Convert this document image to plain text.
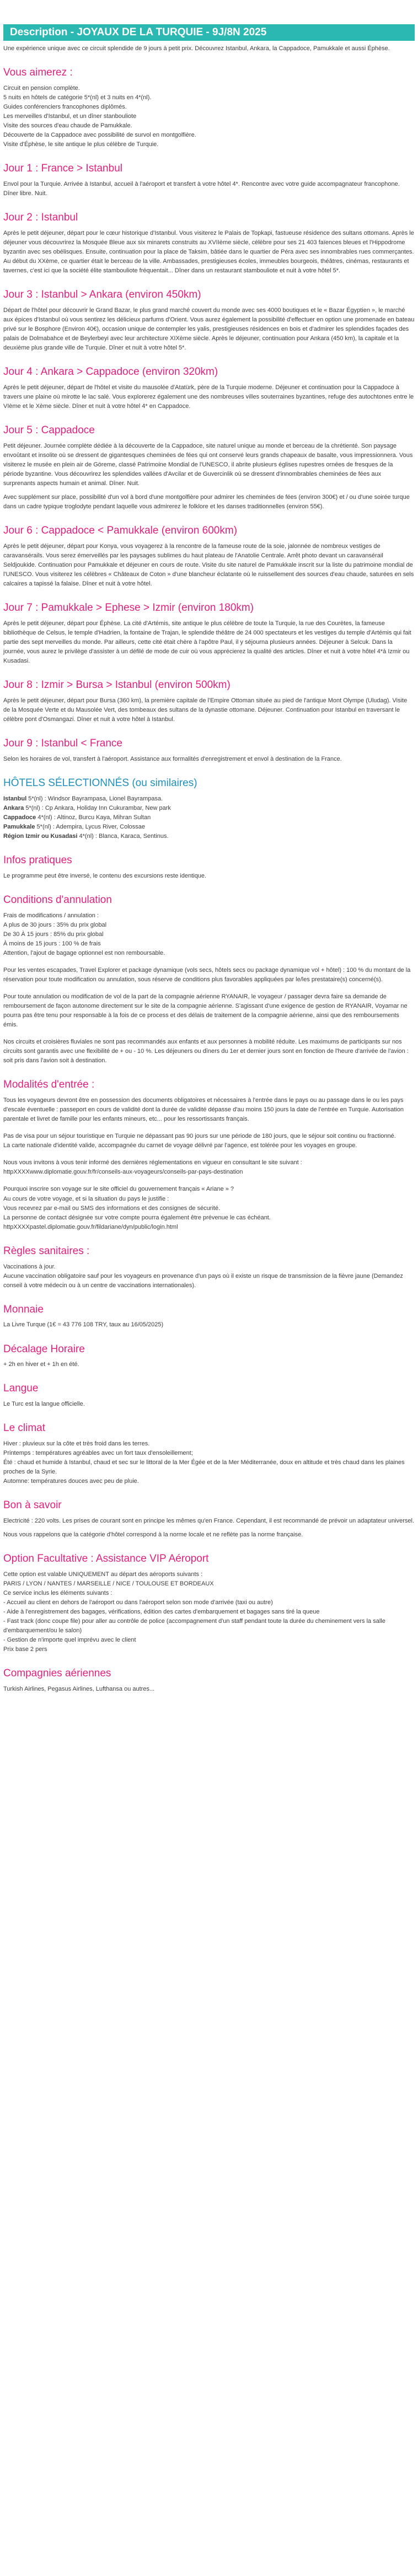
Description - JOYAUX DE LA TURQUIE - 9J/8N 2025

Une expérience unique avec ce circuit splendide de 9 jours à petit prix. Découvrez Istanbul, Ankara, la Cappadoce, Pamukkale et aussi Éphèse.

Vous aimerez :
Circuit en pension complète.
5 nuits en hôtels de catégorie 5*(nl) et 3 nuits en 4*(nl).
Guides conférenciers francophones diplômés.
Les merveilles d'Istanbul, et un dîner stanbouliote
Visite des sources d'eau chaude de Pamukkale.
Découverte de la Cappadoce avec possibilité de survol en montgolfière.
Visite d'Éphèse, le site antique le plus célèbre de Turquie.
Jour 1 : France > Istanbul

Envol pour la Turquie. Arrivée à Istanbul, accueil à l'aéroport et transfert à votre hôtel 4*. Rencontre avec votre guide accompagnateur francophone. Dîner libre. Nuit.

Jour 2 : Istanbul

Après le petit déjeuner, départ pour le cœur historique d'Istanbul. Vous visiterez le Palais de Topkapi, fastueuse résidence des sultans ottomans. Après le déjeuner vous découvrirez la Mosquée Bleue aux six minarets construits au XVIIème siècle, célèbre pour ses 21 403 faïences bleues et l'Hippodrome byzantin avec ses obélisques. Ensuite, continuation pour la place de Taksim, bâtiée dans le quartier de Péra avec ses innombrables rues commerçantes. Au début du XXème, ce quartier était le berceau de la ville. Ambassades, prestigieuses écoles, immeubles bourgeois, théâtres, cinémas, restaurants et tavernes, c'est ici que la société élite stambouliote fréquentait... Dîner dans un restaurant stambouliote et nuit à votre hôtel 5*.

Jour 3 : Istanbul > Ankara (environ 450km)

Départ de l'hôtel pour découvrir le Grand Bazar, le plus grand marché couvert du monde avec ses 4000 boutiques et le « Bazar Égyptien », le marché aux épices d'Istanbul où vous sentirez les délicieux parfums d'Orient. Vous aurez également la possibilité d'effectuer en option une promenade en bateau privé sur le Bosphore (Environ 40€), occasion unique de contempler les yalis, prestigieuses résidences en bois et d'admirer les splendides façades des palais de Dolmabahce et de Beylerbeyi avec leur architecture XIXème siècle. Après le déjeuner, continuation pour Ankara (450 km), la capitale et la deuxième plus grande ville de Turquie. Dîner et nuit à votre hôtel 5*.

Jour 4 : Ankara > Cappadoce (environ 320km)

Après le petit déjeuner, départ de l'hôtel et visite du mausolée d'Atatürk, père de la Turquie moderne. Déjeuner et continuation pour la Cappadoce à travers une plaine où mirotte le lac salé. Vous explorerez également une des nombreuses villes souterraines byzantines, refuge des autochtones entre le VIème et le Xème siècle. Dîner et nuit à votre hôtel 4* en Cappadoce.

Jour 5 : Cappadoce

Petit déjeuner. Journée complète dédiée à la découverte de la Cappadoce, site naturel unique au monde et berceau de la chrétienté. Son paysage envoûtant et insolite où se dressent de gigantesques cheminées de fées qui ont conservé leurs grands chapeaux de basalte, vous impressionnera. Vous visiterez le musée en plein air de Göreme, classé Patrimoine Mondial de l'UNESCO, il abrite plusieurs églises rupestres ornées de fresques de la période byzantine. Vous découvrirez les splendides vallées d'Avcilar et de Guvercinlik où se dressent d'innombrables cheminées de fées aux surprenants aspects humain et animal. Dîner. Nuit.

Avec supplément sur place, possibilité d'un vol à bord d'une montgolfière pour admirer les cheminées de fées (environ 300€) et / ou d'une soirée turque dans un cadre typique troglodyte pendant laquelle vous admirerez le folklore et les danses traditionnelles (environ 55€).

Jour 6 : Cappadoce < Pamukkale (environ 600km)

Après le petit déjeuner, départ pour Konya, vous voyagerez à la rencontre de la fameuse route de la soie, jalonnée de nombreux vestiges de caravansérails. Vous serez émerveillés par les paysages sublimes du haut plateau de l'Anatolie Centrale. Arrêt photo devant un caravansérail Seldjoukide. Continuation pour Pamukkale et déjeuner en cours de route. Visite du site naturel de Pamukkale inscrit sur la liste du patrimoine mondial de l'UNESCO. Vous visiterez les célèbres « Châteaux de Coton » d'une blancheur éclatante où le ruissellement des sources d'eau chaude, saturées en sels calcaires a tapissé la falaise. Dîner et nuit à votre hôtel.

Jour 7 : Pamukkale > Ephese > Izmir (environ 180km)

Après le petit déjeuner, départ pour Éphèse. La cité d'Artémis, site antique le plus célèbre de toute la Turquie, la rue des Courètes, la fameuse bibliothèque de Celsus, le temple d'Hadrien, la fontaine de Trajan, le splendide théâtre de 24 000 spectateurs et les vestiges du temple d'Artémis qui fait partie des sept merveilles du monde. Par ailleurs, cette cité était chère à l'apôtre Paul, il y séjourna plusieurs années. Déjeuner à Selcuk. Dans la journée, vous aurez le privilège d'assister à un défilé de mode de cuir où vous apprécierez la qualité des articles. Dîner et nuit à votre hôtel 4*à Izmir ou Kusadasi.

Jour 8 : Izmir > Bursa > Istanbul (environ 500km)

Après le petit déjeuner, départ pour Bursa (360 km), la première capitale de l'Empire Ottoman située au pied de l'antique Mont Olympe (Uludag). Visite de la Mosquée Verte et du Mausolée Vert, des tombeaux des sultans de la dynastie ottomane. Déjeuner. Continuation pour Istanbul en traversant le célèbre pont d'Osmangazi. Dîner et nuit à votre hôtel à Istanbul.

Jour 9 : Istanbul < France

Selon les horaires de vol, transfert à l'aéroport. Assistance aux formalités d'enregistrement et envol à destination de la France.

HÔTELS SÉLECTIONNÉS (ou similaires)
Istanbul 5*(nl) : Windsor Bayrampasa, Lionel Bayrampasa.
Ankara 5*(nl) : Cp Ankara, Holiday Inn Cukurambar, New park
Cappadoce 4*(nl) : Altinoz, Burcu Kaya, Mihran Sultan
Pamukkale 5*(nl) : Adempira, Lycus River, Colossae
Région Izmir ou Kusadasi 4*(nl) : Blanca, Karaca, Sentinus.
Infos pratiques

Le programme peut être inversé, le contenu des excursions reste identique.

Conditions d'annulation
Frais de modifications / annulation :
A plus de 30 jours : 35% du prix global
De 30 À 15 jours : 85% du prix global
À moins de 15 jours : 100 % de frais
Attention, l'ajout de bagage optionnel est non remboursable.

Pour les ventes escapades, Travel Explorer et package dynamique (vols secs, hôtels secs ou package dynamique vol + hôtel) : 100 % du montant de la réservation pour toute modification ou annulation, sous réserve de conditions plus favorables appliquées par le/les prestataire(s) concerné(s).

Pour toute annulation ou modification de vol de la part de la compagnie aérienne RYANAIR, le voyageur / passager devra faire sa demande de remboursement de façon autonome directement sur le site de la compagnie aérienne. S'agissant d'une exigence de gestion de RYANAIR, Voyamar ne pourra pas être tenu pour responsable à la fois de ce process et des délais de traitement de la compagnie aérienne, ainsi que des remboursements émis.

Nos circuits et croisières fluviales ne sont pas recommandés aux enfants et aux personnes à mobilité réduite. Les maximums de participants sur nos circuits sont garantis avec une flexibilité de + ou - 10 %. Les déjeuners ou dîners du 1er et dernier jours sont en fonction de l'heure d'arrivée de l'avion : soit pris dans l'avion soit à destination.

Modalités d'entrée :

Tous les voyageurs devront être en possession des documents obligatoires et nécessaires à l'entrée dans le pays ou au passage dans le ou les pays d'escale éventuelle : passeport en cours de validité dont la durée de validité dépasse d'au moins 150 jours la date de l'entrée en Turquie. Autorisation parentale et livret de famille pour les enfants mineurs, etc... pour les ressortissants français.

Pas de visa pour un séjour touristique en Turquie ne dépassant pas 90 jours sur une période de 180 jours, que le séjour soit continu ou fractionné.
La carte nationale d'identité valide, accompagnée du carnet de voyage délivré par l'agence, est tolérée pour les voyages en groupe.

Nous vous invitons à vous tenir informé des dernières réglementations en vigueur en consultant le site suivant : httpXXXXwww.diplomatie.gouv.fr/fr/conseils-aux-voyageurs/conseils-par-pays-destination

Pourquoi inscrire son voyage sur le site officiel du gouvernement français « Ariane » ?
Au cours de votre voyage, et si la situation du pays le justifie :
Vous recevrez par e-mail ou SMS des informations et des consignes de sécurité.
La personne de contact désignée sur votre compte pourra également être prévenue le cas échéant.
httpXXXXpastel.diplomatie.gouv.fr/fildariane/dyn/public/login.html

Règles sanitaires :
Vaccinations à jour.

Aucune vaccination obligatoire sauf pour les voyageurs en provenance d'un pays où il existe un risque de transmission de la fièvre jaune (Demandez conseil à votre médecin ou à un centre de vaccinations internationales).

Monnaie

La Livre Turque (1€ = 43 776 108 TRY, taux au 16/05/2025)

Décalage Horaire

+ 2h en hiver et + 1h en été.

Langue

Le Turc est la langue officielle.

Le climat
Hiver : pluvieux sur la côte et très froid dans les terres.
Printemps : températures agréables avec un fort taux d'ensoleillement;
Été : chaud et humide à Istanbul, chaud et sec sur le littoral de la Mer Égée et de la Mer Méditerranée, doux en altitude et très chaud dans les plaines proches de la Syrie.
Automne: températures douces avec peu de pluie.
Bon à savoir

Electricité : 220 volts. Les prises de courant sont en principe les mêmes qu'en France. Cependant, il est recommandé de prévoir un adaptateur universel.

Nous vous rappelons que la catégorie d'hôtel correspond à la norme locale et ne reflète pas la norme française.

Option Facultative : Assistance VIP Aéroport
Cette option est valable UNIQUEMENT au départ des aéroports suivants :
PARIS / LYON / NANTES / MARSEILLE / NICE / TOULOUSE ET BORDEAUX
Ce service inclus les éléments suivants :
- Accueil au client en dehors de l'aéroport ou dans l'aéroport selon son mode d'arrivée (taxi ou autre)
- Aide à l'enregistrement des bagages, vérifications, édition des cartes d'embarquement et bagages sans tiré la queue
- Fast track (donc coupe file) pour aller au contrôle de police (accompagnement d'un staff pendant toute la durée du cheminement vers la salle d'embarquement/ou le salon)
- Gestion de n'importe quel imprévu avec le client
Prix base 2 pers
Compagnies aériennes

Turkish Airlines, Pegasus Airlines, Lufthansa ou autres...
